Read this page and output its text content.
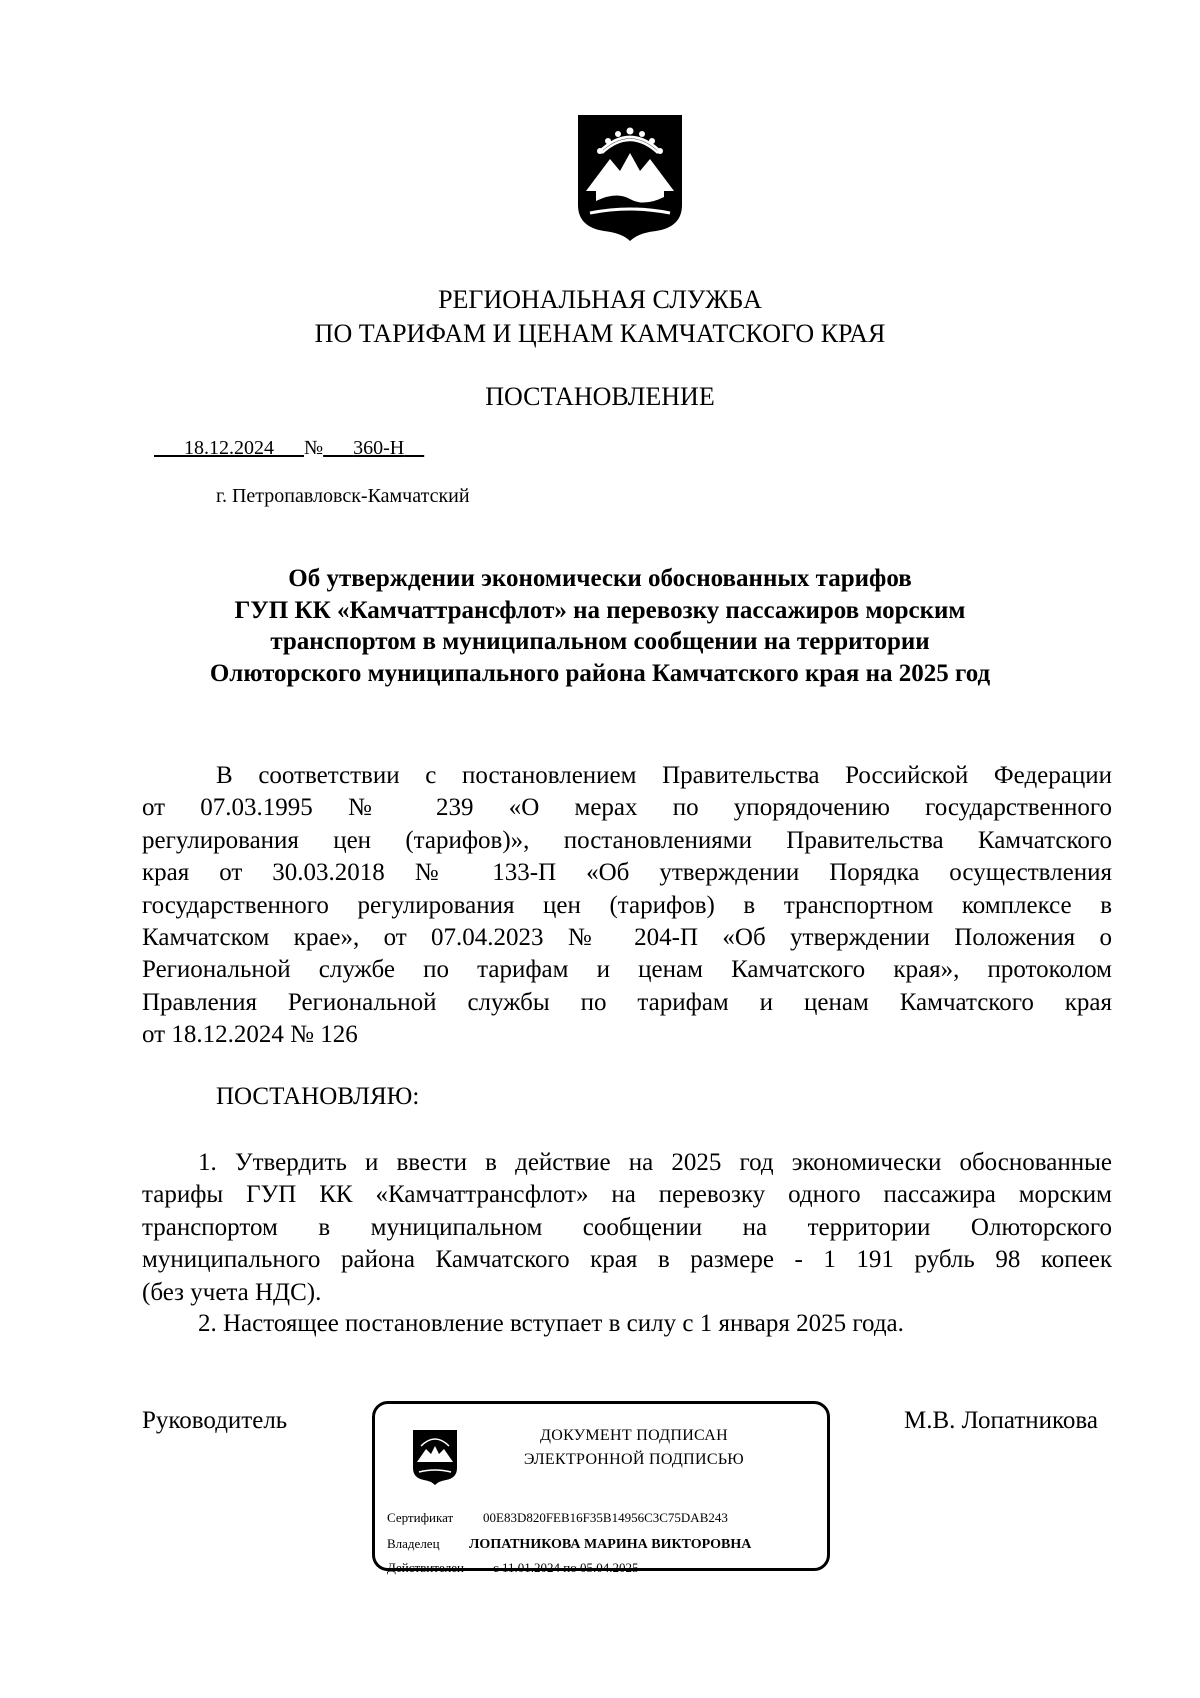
РЕГИОНАЛЬНАЯ СЛУЖБА
ПО ТАРИФАМ И ЦЕНАМ КАМЧАТСКОГО КРАЯ
ПОСТАНОВЛЕНИЕ
18.12.2024 № 360-Н
г. Петропавловск-Камчатский
Об утверждении экономически обоснованных тарифов
ГУП КК «Камчаттрансфлот» на перевозку пассажиров морским
транспортом в муниципальном сообщении на территории
Олюторского муниципального района Камчатского края на 2025 год
В соответствии с постановлением Правительства Российской Федерации
от 07.03.1995 № 239 «О мерах по упорядочению государственного
регулирования цен (тарифов)», постановлениями Правительства Камчатского
края от 30.03.2018 № 133-П «Об утверждении Порядка осуществления
государственного регулирования цен (тарифов) в транспортном комплексе в
Камчатском крае», от 07.04.2023 № 204-П «Об утверждении Положения о
Региональной службе по тарифам и ценам Камчатского края», протоколом
Правления Региональной службы по тарифам и ценам Камчатского края
от 18.12.2024 № 126
ПОСТАНОВЛЯЮ:
1. Утвердить и ввести в действие на 2025 год экономически обоснованные
тарифы ГУП КК «Камчаттрансфлот» на перевозку одного пассажира морским
транспортом в муниципальном сообщении на территории Олюторского
муниципального района Камчатского края в размере - 1 191 рубль 98 копеек
(без учета НДС).
2. Настоящее постановление вступает в силу с 1 января 2025 года.
Руководитель	М.В. Лопатникова
ДОКУМЕНТ ПОДПИСАН
ЭЛЕКТРОННОЙ ПОДПИСЬЮ
Сертификат 00E83D820FEB16F35B14956C3C75DAB243
Владелец ЛОПАТНИКОВА МАРИНА ВИКТОРОВНА
Действителен с 11.01.2024 по 05.04.2025
